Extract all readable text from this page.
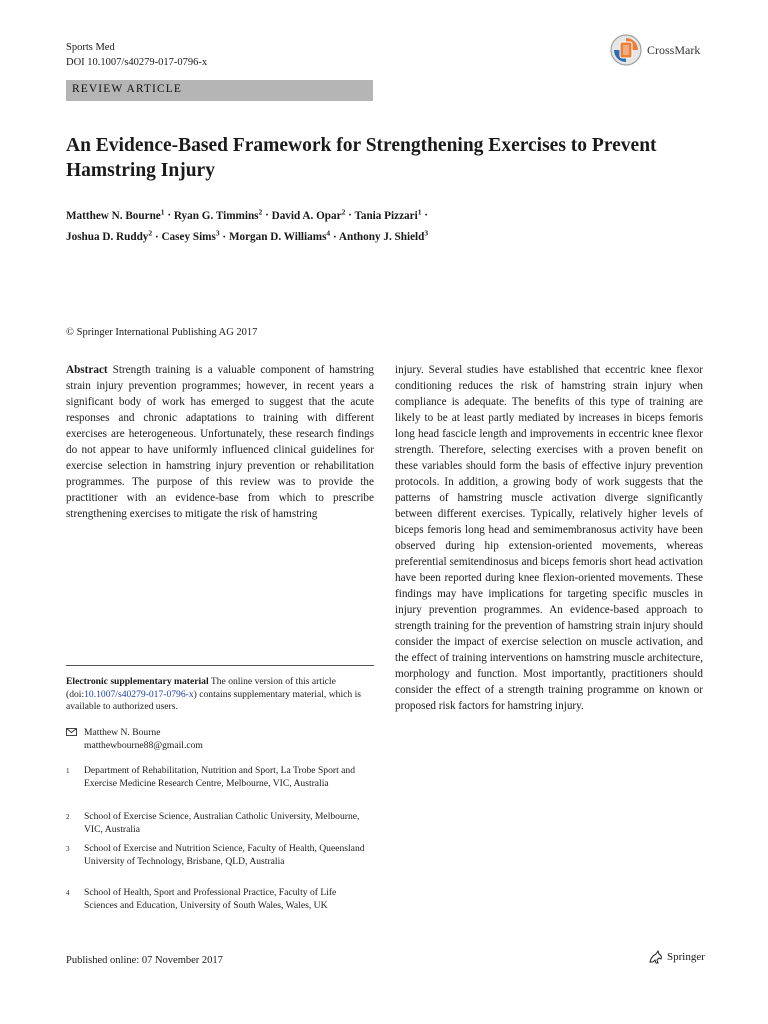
Sports Med
DOI 10.1007/s40279-017-0796-x
CrossMark
REVIEW ARTICLE
An Evidence-Based Framework for Strengthening Exercises to Prevent Hamstring Injury
Matthew N. Bourne$^1$ · Ryan G. Timmins$^2$ · David A. Opar$^2$ · Tania Pizzari$^1$ ·
Joshua D. Ruddy$^2$ · Casey Sims$^3$ · Morgan D. Williams$^4$ · Anthony J. Shield$^3$
© Springer International Publishing AG 2017
Abstract Strength training is a valuable component of hamstring strain injury prevention programmes; however, in recent years a significant body of work has emerged to suggest that the acute responses and chronic adaptations to training with different exercises are heterogeneous. Unfortunately, these research findings do not appear to have uniformly influenced clinical guidelines for exercise selection in hamstring injury prevention or rehabilitation programmes. The purpose of this review was to provide the practitioner with an evidence-base from which to prescribe strengthening exercises to mitigate the risk of hamstring
injury. Several studies have established that eccentric knee flexor conditioning reduces the risk of hamstring strain injury when compliance is adequate. The benefits of this type of training are likely to be at least partly mediated by increases in biceps femoris long head fascicle length and improvements in eccentric knee flexor strength. Therefore, selecting exercises with a proven benefit on these variables should form the basis of effective injury prevention protocols. In addition, a growing body of work suggests that the patterns of hamstring muscle activation diverge significantly between different exercises. Typically, relatively higher levels of biceps femoris long head and semimembranosus activity have been observed during hip extension-oriented movements, whereas preferential semitendinosus and biceps femoris short head activation have been reported during knee flexion-oriented movements. These findings may have implications for targeting specific muscles in injury prevention programmes. An evidence-based approach to strength training for the prevention of hamstring strain injury should consider the impact of exercise selection on muscle activation, and the effect of training interventions on hamstring muscle architecture, morphology and function. Most importantly, practitioners should consider the effect of a strength training programme on known or proposed risk factors for hamstring injury.
Electronic supplementary material The online version of this article (doi:10.1007/s40279-017-0796-x) contains supplementary material, which is available to authorized users.
Matthew N. Bourne
matthewbourne88@gmail.com
1 Department of Rehabilitation, Nutrition and Sport, La Trobe Sport and Exercise Medicine Research Centre, Melbourne, VIC, Australia
2 School of Exercise Science, Australian Catholic University, Melbourne, VIC, Australia
3 School of Exercise and Nutrition Science, Faculty of Health, Queensland University of Technology, Brisbane, QLD, Australia
4 School of Health, Sport and Professional Practice, Faculty of Life Sciences and Education, University of South Wales, Wales, UK
Published online: 07 November 2017	Springer
